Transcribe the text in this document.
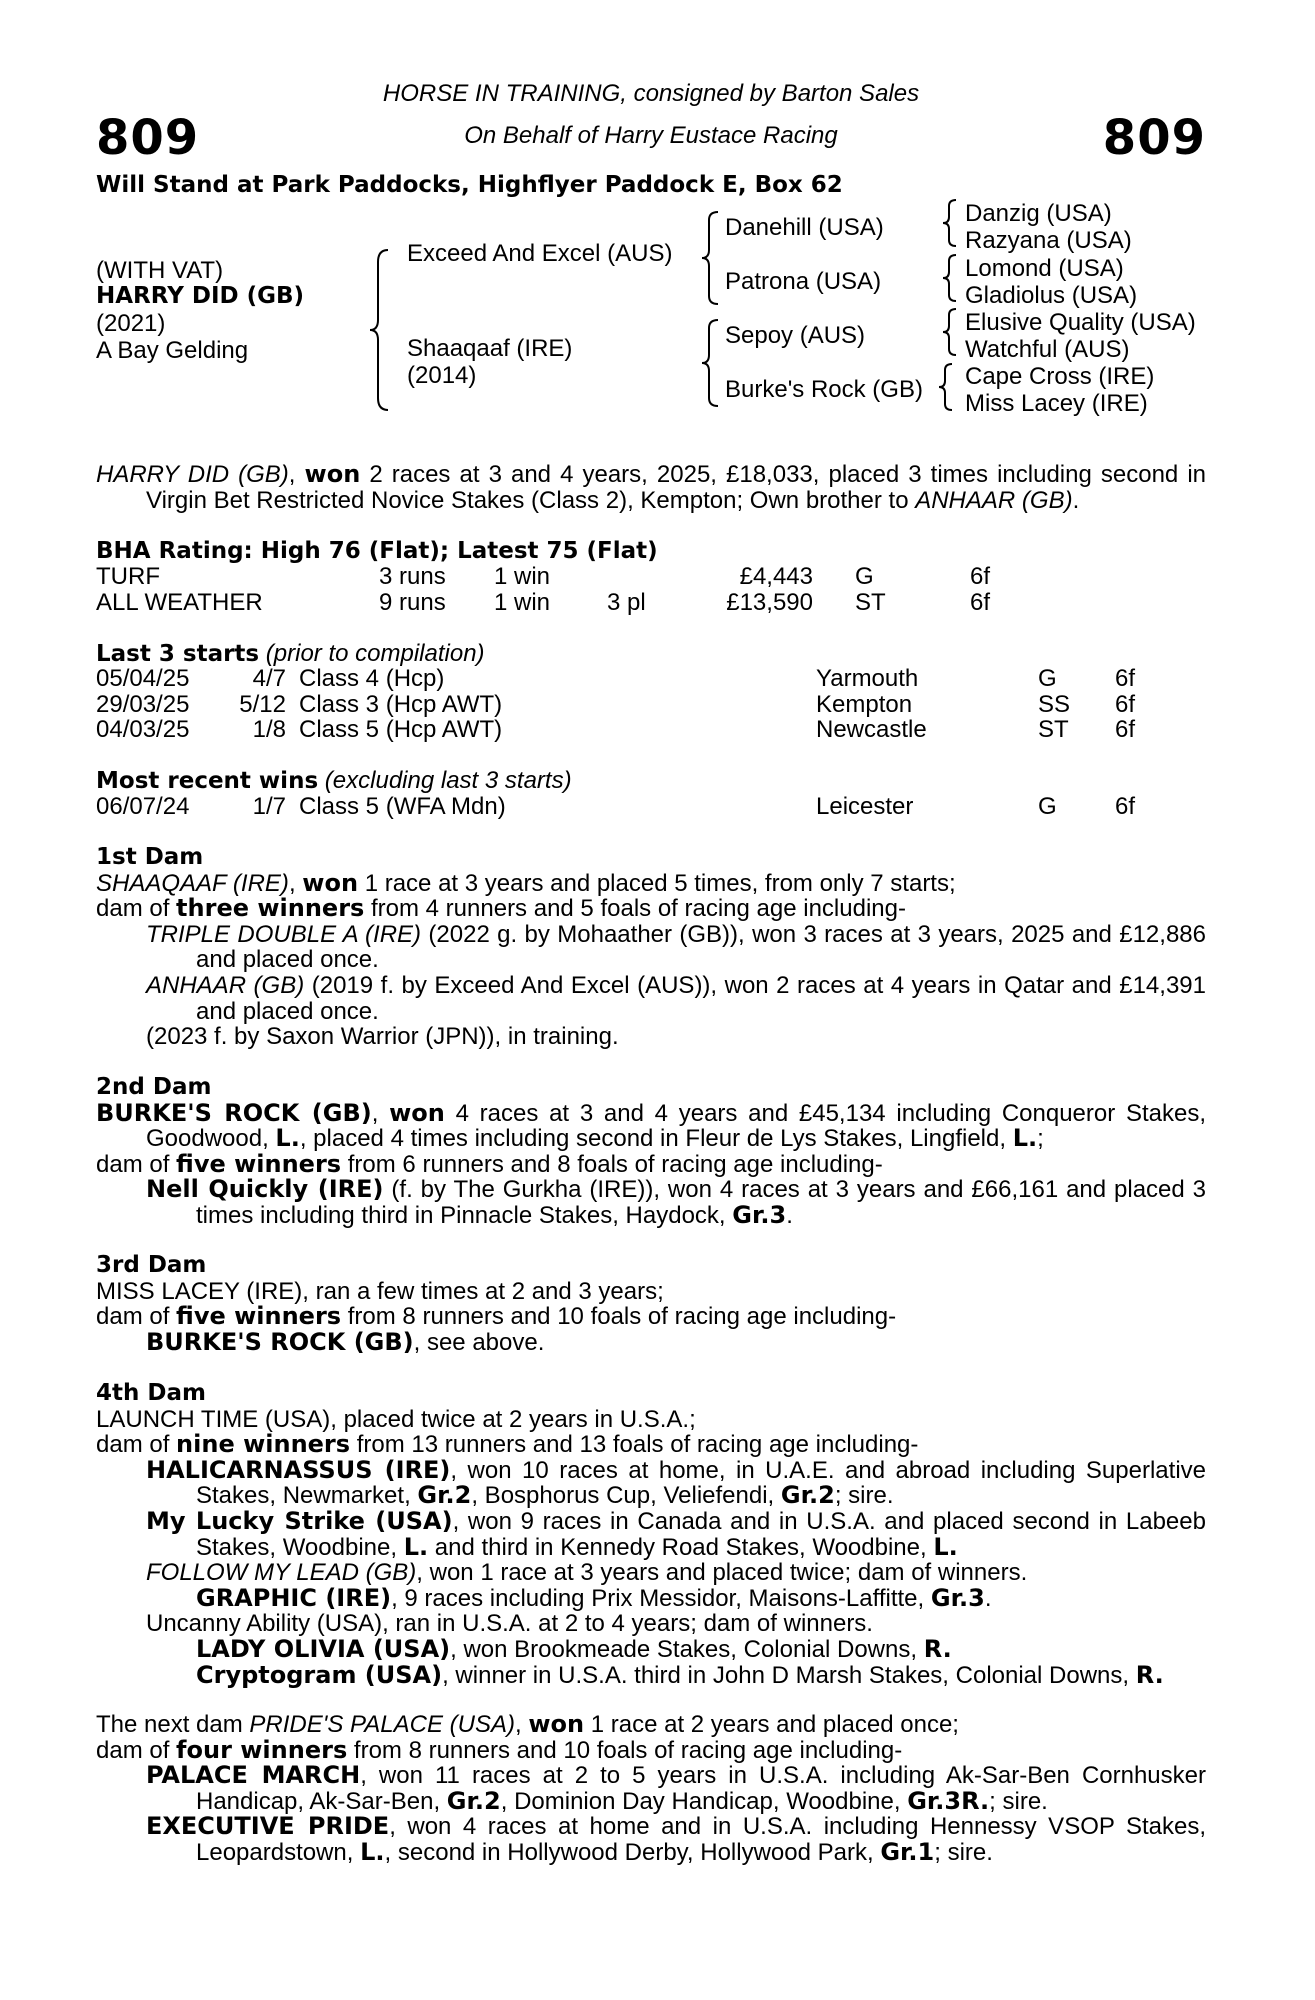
HORSE IN TRAINING, consigned by Barton Sales
On Behalf of Harry Eustace Racing
809	809
Will Stand at Park Paddocks, Highflyer Paddock E, Box 62
(WITH VAT)
HARRY DID (GB)
(2021)
A Bay Gelding
Exceed And Excel (AUS)
Shaaqaaf (IRE)
(2014)
Danehill (USA)
Patrona (USA)
Sepoy (AUS)
Burke's Rock (GB)
Danzig (USA)
Razyana (USA)
Lomond (USA)
Gladiolus (USA)
Elusive Quality (USA)
Watchful (AUS)
Cape Cross (IRE)
Miss Lacey (IRE)

HARRY DID (GB), won 2 races at 3 and 4 years, 2025, £18,033, placed 3 times including second in Virgin Bet Restricted Novice Stakes (Class 2), Kempton; Own brother to ANHAAR (GB).

BHA Rating: High 76 (Flat); Latest 75 (Flat)
TURF	3 runs 1 win	£4,443 G	6f
ALL WEATHER	9 runs 1 win 3 pl	£13,590 ST	6f
Last 3 starts (prior to compilation)
05/04/25	4/7 Class 4 (Hcp)	Yarmouth	G 6f
29/03/25 5/12 Class 3 (Hcp AWT)	Kempton	SS 6f
04/03/25	1/8 Class 5 (Hcp AWT)	Newcastle	ST 6f
Most recent wins (excluding last 3 starts)
06/07/24	1/7 Class 5 (WFA Mdn)	Leicester	G 6f

1st Dam

SHAAQAAF (IRE), won 1 race at 3 years and placed 5 times, from only 7 starts;

dam of three winners from 4 runners and 5 foals of racing age including-

TRIPLE DOUBLE A (IRE) (2022 g. by Mohaather (GB)), won 3 races at 3 years, 2025 and £12,886 and placed once.

ANHAAR (GB) (2019 f. by Exceed And Excel (AUS)), won 2 races at 4 years in Qatar and £14,391 and placed once.

(2023 f. by Saxon Warrior (JPN)), in training.

2nd Dam

BURKE'S ROCK (GB), won 4 races at 3 and 4 years and £45,134 including Conqueror Stakes, Goodwood, L., placed 4 times including second in Fleur de Lys Stakes, Lingfield, L.;

dam of five winners from 6 runners and 8 foals of racing age including-

Nell Quickly (IRE) (f. by The Gurkha (IRE)), won 4 races at 3 years and £66,161 and placed 3 times including third in Pinnacle Stakes, Haydock, Gr.3.

3rd Dam

MISS LACEY (IRE), ran a few times at 2 and 3 years;

dam of five winners from 8 runners and 10 foals of racing age including-

BURKE'S ROCK (GB), see above.

4th Dam

LAUNCH TIME (USA), placed twice at 2 years in U.S.A.;

dam of nine winners from 13 runners and 13 foals of racing age including-

HALICARNASSUS (IRE), won 10 races at home, in U.A.E. and abroad including Superlative Stakes, Newmarket, Gr.2, Bosphorus Cup, Veliefendi, Gr.2; sire.

My Lucky Strike (USA), won 9 races in Canada and in U.S.A. and placed second in Labeeb Stakes, Woodbine, L. and third in Kennedy Road Stakes, Woodbine, L.

FOLLOW MY LEAD (GB), won 1 race at 3 years and placed twice; dam of winners.

GRAPHIC (IRE), 9 races including Prix Messidor, Maisons-Laffitte, Gr.3.

Uncanny Ability (USA), ran in U.S.A. at 2 to 4 years; dam of winners.

LADY OLIVIA (USA), won Brookmeade Stakes, Colonial Downs, R.

Cryptogram (USA), winner in U.S.A. third in John D Marsh Stakes, Colonial Downs, R.

The next dam PRIDE'S PALACE (USA), won 1 race at 2 years and placed once;

dam of four winners from 8 runners and 10 foals of racing age including-

PALACE MARCH, won 11 races at 2 to 5 years in U.S.A. including Ak-Sar-Ben Cornhusker Handicap, Ak-Sar-Ben, Gr.2, Dominion Day Handicap, Woodbine, Gr.3R.; sire.

EXECUTIVE PRIDE, won 4 races at home and in U.S.A. including Hennessy VSOP Stakes, Leopardstown, L., second in Hollywood Derby, Hollywood Park, Gr.1; sire.
